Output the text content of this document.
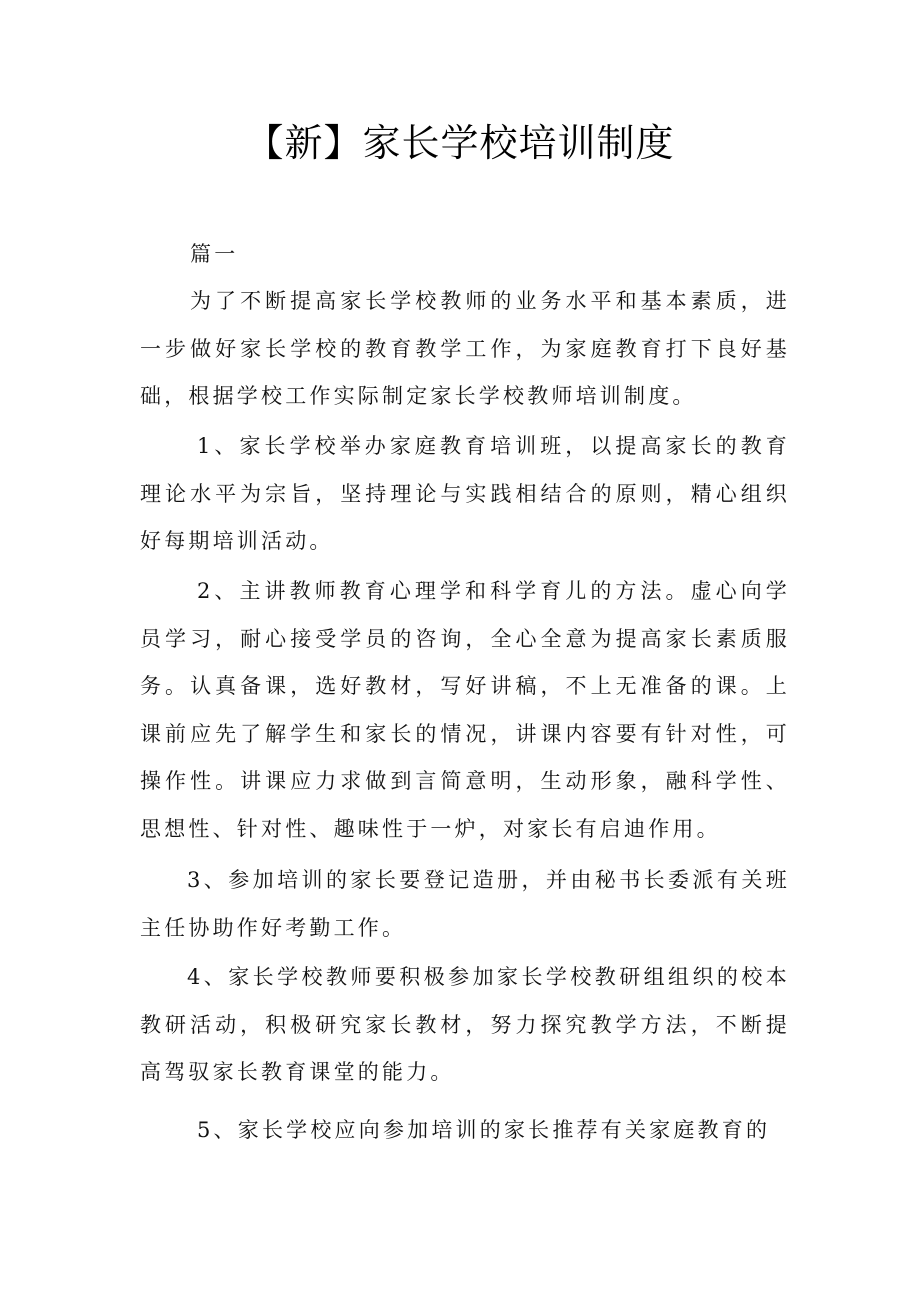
【新】家长学校培训制度

篇一

为了不断提高家长学校教师的业务水平和基本素质，进一步做好家长学校的教育教学工作，为家庭教育打下良好基础，根据学校工作实际制定家长学校教师培训制度。

1、家长学校举办家庭教育培训班，以提高家长的教育理论水平为宗旨，坚持理论与实践相结合的原则，精心组织好每期培训活动。

2、主讲教师教育心理学和科学育儿的方法。虚心向学员学习，耐心接受学员的咨询，全心全意为提高家长素质服务。认真备课，选好教材，写好讲稿，不上无准备的课。上课前应先了解学生和家长的情况，讲课内容要有针对性，可操作性。讲课应力求做到言简意明，生动形象，融科学性、思想性、针对性、趣味性于一炉，对家长有启迪作用。

3、参加培训的家长要登记造册，并由秘书长委派有关班主任协助作好考勤工作。

4、家长学校教师要积极参加家长学校教研组组织的校本教研活动，积极研究家长教材，努力探究教学方法，不断提高驾驭家长教育课堂的能力。

5、家长学校应向参加培训的家长推荐有关家庭教育的
